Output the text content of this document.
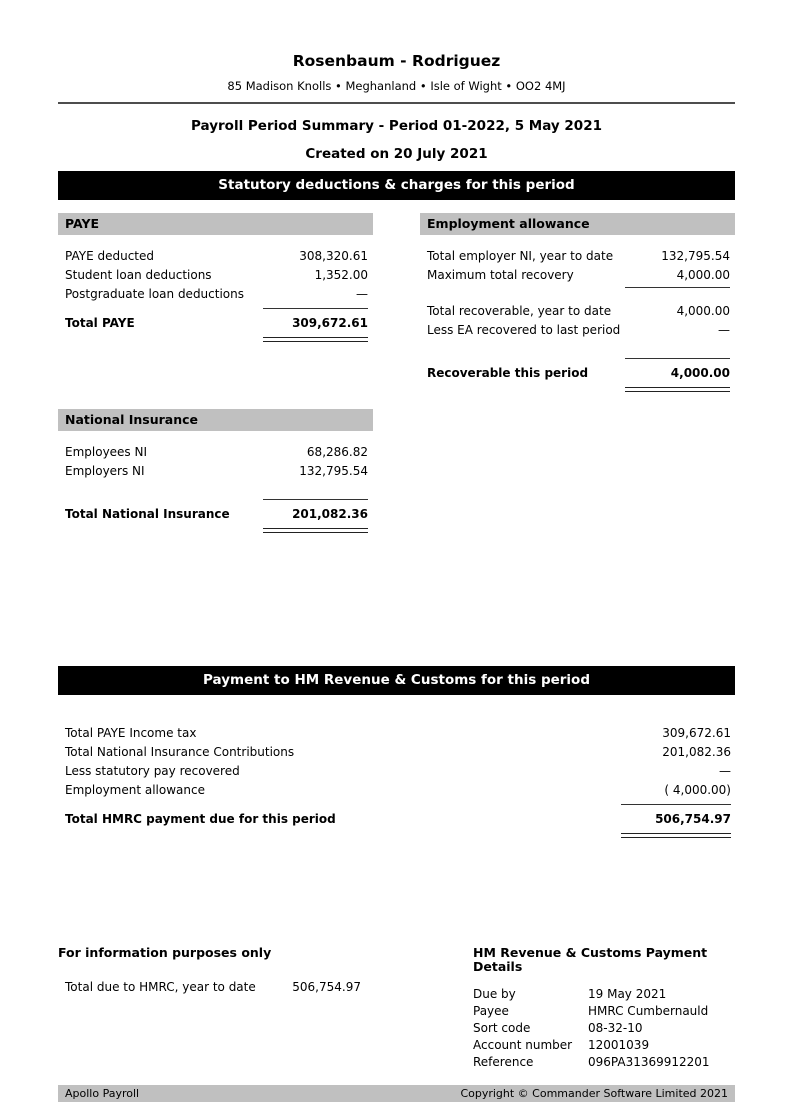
Rosenbaum - Rodriguez
85 Madison Knolls • Meghanland • Isle of Wight • OO2 4MJ
Payroll Period Summary - Period 01-2022, 5 May 2021
Created on 20 July 2021
Statutory deductions & charges for this period
PAYE
PAYE deducted	308,320.61
Student loan deductions	1,352.00
Postgraduate loan deductions	—
Total PAYE	309,672.61
National Insurance
Employees NI	68,286.82
Employers NI	132,795.54
Total National Insurance	201,082.36
Employment allowance
Total employer NI, year to date	132,795.54
Maximum total recovery	4,000.00
Total recoverable, year to date	4,000.00
Less EA recovered to last period	—
Recoverable this period	4,000.00
Payment to HM Revenue & Customs for this period
Total PAYE Income tax	309,672.61
Total National Insurance Contributions	201,082.36
Less statutory pay recovered	—
Employment allowance	( 4,000.00)
Total HMRC payment due for this period	506,754.97
For information purposes only
Total due to HMRC, year to date	506,754.97
HM Revenue & Customs Payment Details
Due by	19 May 2021
Payee	HMRC Cumbernauld
Sort code	08-32-10
Account number	12001039
Reference	096PA31369912201
Apollo Payroll	Copyright © Commander Software Limited 2021
